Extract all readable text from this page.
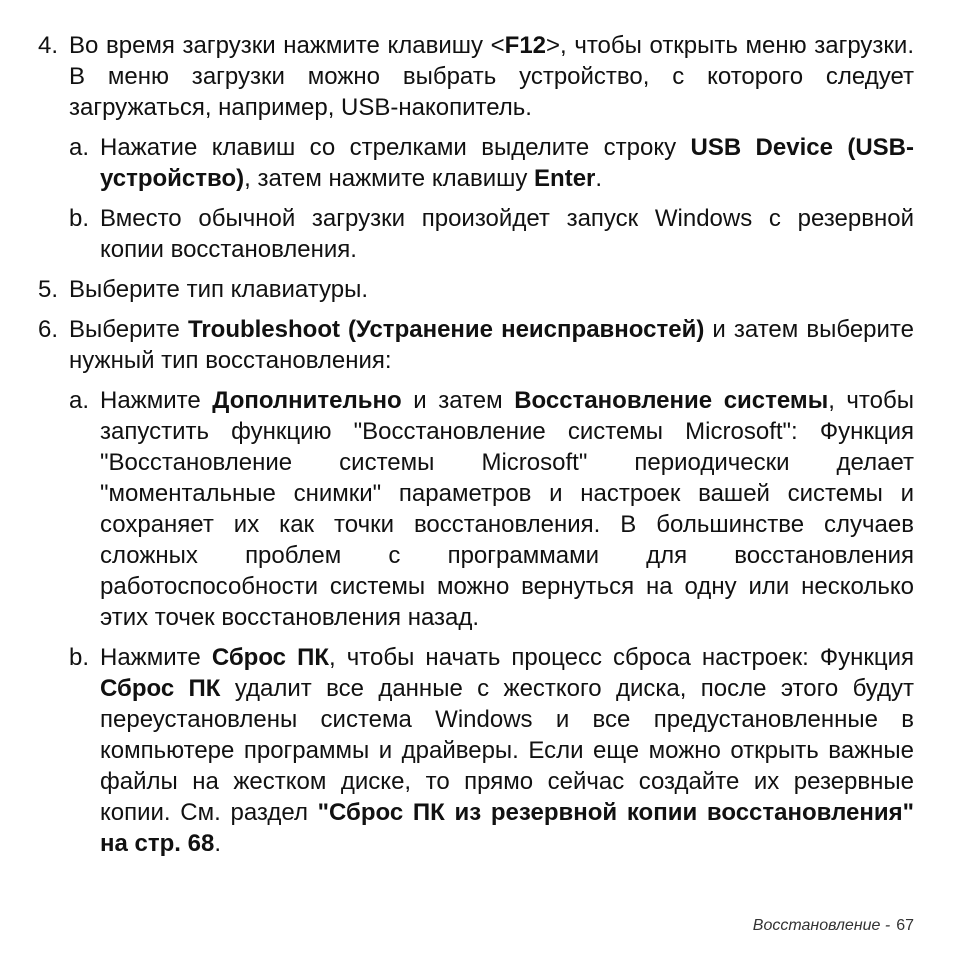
4. Во время загрузки нажмите клавишу <F12>, чтобы открыть меню загрузки. В меню загрузки можно выбрать устройство, с которого следует загружаться, например, USB-накопитель.
a. Нажатие клавиш со стрелками выделите строку USB Device (USB-устройство), затем нажмите клавишу Enter.
b. Вместо обычной загрузки произойдет запуск Windows с резервной копии восстановления.
5. Выберите тип клавиатуры.
6. Выберите Troubleshoot (Устранение неисправностей) и затем выберите нужный тип восстановления:
a. Нажмите Дополнительно и затем Восстановление системы, чтобы запустить функцию "Восстановление системы Microsoft": Функция "Восстановление системы Microsoft" периодически делает "моментальные снимки" параметров и настроек вашей системы и сохраняет их как точки восстановления. В большинстве случаев сложных проблем с программами для восстановления работоспособности системы можно вернуться на одну или несколько этих точек восстановления назад.
b. Нажмите Сброс ПК, чтобы начать процесс сброса настроек: Функция Сброс ПК удалит все данные с жесткого диска, после этого будут переустановлены система Windows и все предустановленные в компьютере программы и драйверы. Если еще можно открыть важные файлы на жестком диске, то прямо сейчас создайте их резервные копии. См. раздел "Сброс ПК из резервной копии восстановления" на стр. 68.
Восстановление - 67
